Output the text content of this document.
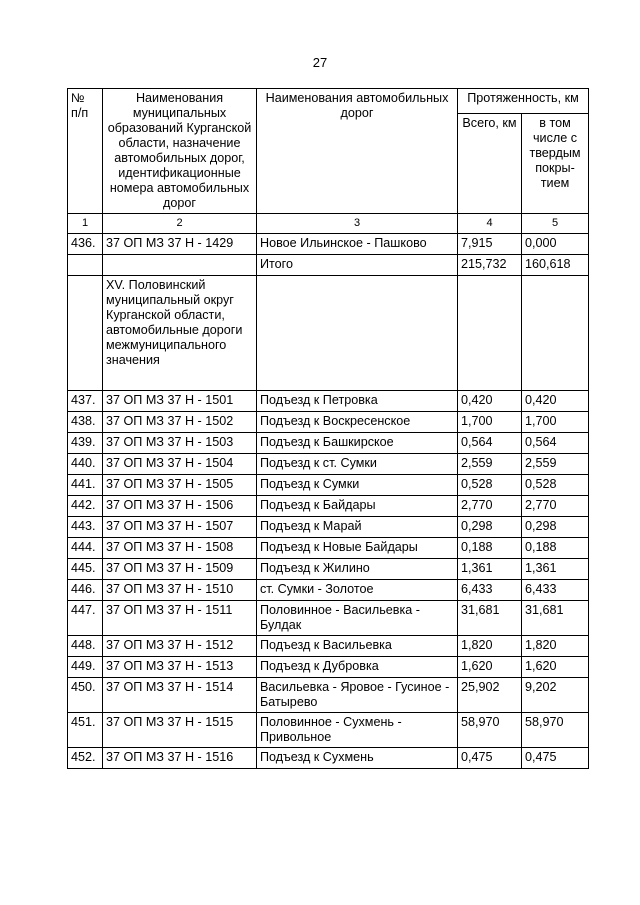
27
№
п/п	Наименования муниципальных образований Курганской области, назначение автомобильных дорог, идентификационные номера автомобильных дорог	Наименования автомобильных дорог	Протяженность, км	
			Всего, км	в том числе с твердым покры-тием
1	2	3	4	5
436.	37 ОП МЗ 37 Н - 1429	Новое Ильинское - Пашково	7,915	0,000
		Итого	215,732	160,618
	XV. Половинский муниципальный округ Курганской области, автомобильные дороги межмуниципального значения			
437.	37 ОП МЗ 37 Н - 1501	Подъезд к Петровка	0,420	0,420
438.	37 ОП МЗ 37 Н - 1502	Подъезд к Воскресенское	1,700	1,700
439.	37 ОП МЗ 37 Н - 1503	Подъезд к Башкирское	0,564	0,564
440.	37 ОП МЗ 37 Н - 1504	Подъезд к ст. Сумки	2,559	2,559
441.	37 ОП МЗ 37 Н - 1505	Подъезд к Сумки	0,528	0,528
442.	37 ОП МЗ 37 Н - 1506	Подъезд к Байдары	2,770	2,770
443.	37 ОП МЗ 37 Н - 1507	Подъезд к Марай	0,298	0,298
444.	37 ОП МЗ 37 Н - 1508	Подъезд к Новые Байдары	0,188	0,188
445.	37 ОП МЗ 37 Н - 1509	Подъезд к Жилино	1,361	1,361
446.	37 ОП МЗ 37 Н - 1510	ст. Сумки - Золотое	6,433	6,433
447.	37 ОП МЗ 37 Н - 1511	Половинное - Васильевка - Булдак	31,681	31,681
448.	37 ОП МЗ 37 Н - 1512	Подъезд к Васильевка	1,820	1,820
449.	37 ОП МЗ 37 Н - 1513	Подъезд к Дубровка	1,620	1,620
450.	37 ОП МЗ 37 Н - 1514	Васильевка - Яровое - Гусиное - Батырево	25,902	9,202
451.	37 ОП МЗ 37 Н - 1515	Половинное - Сухмень - Привольное	58,970	58,970
452.	37 ОП МЗ 37 Н - 1516	Подъезд к Сухмень	0,475	0,475
